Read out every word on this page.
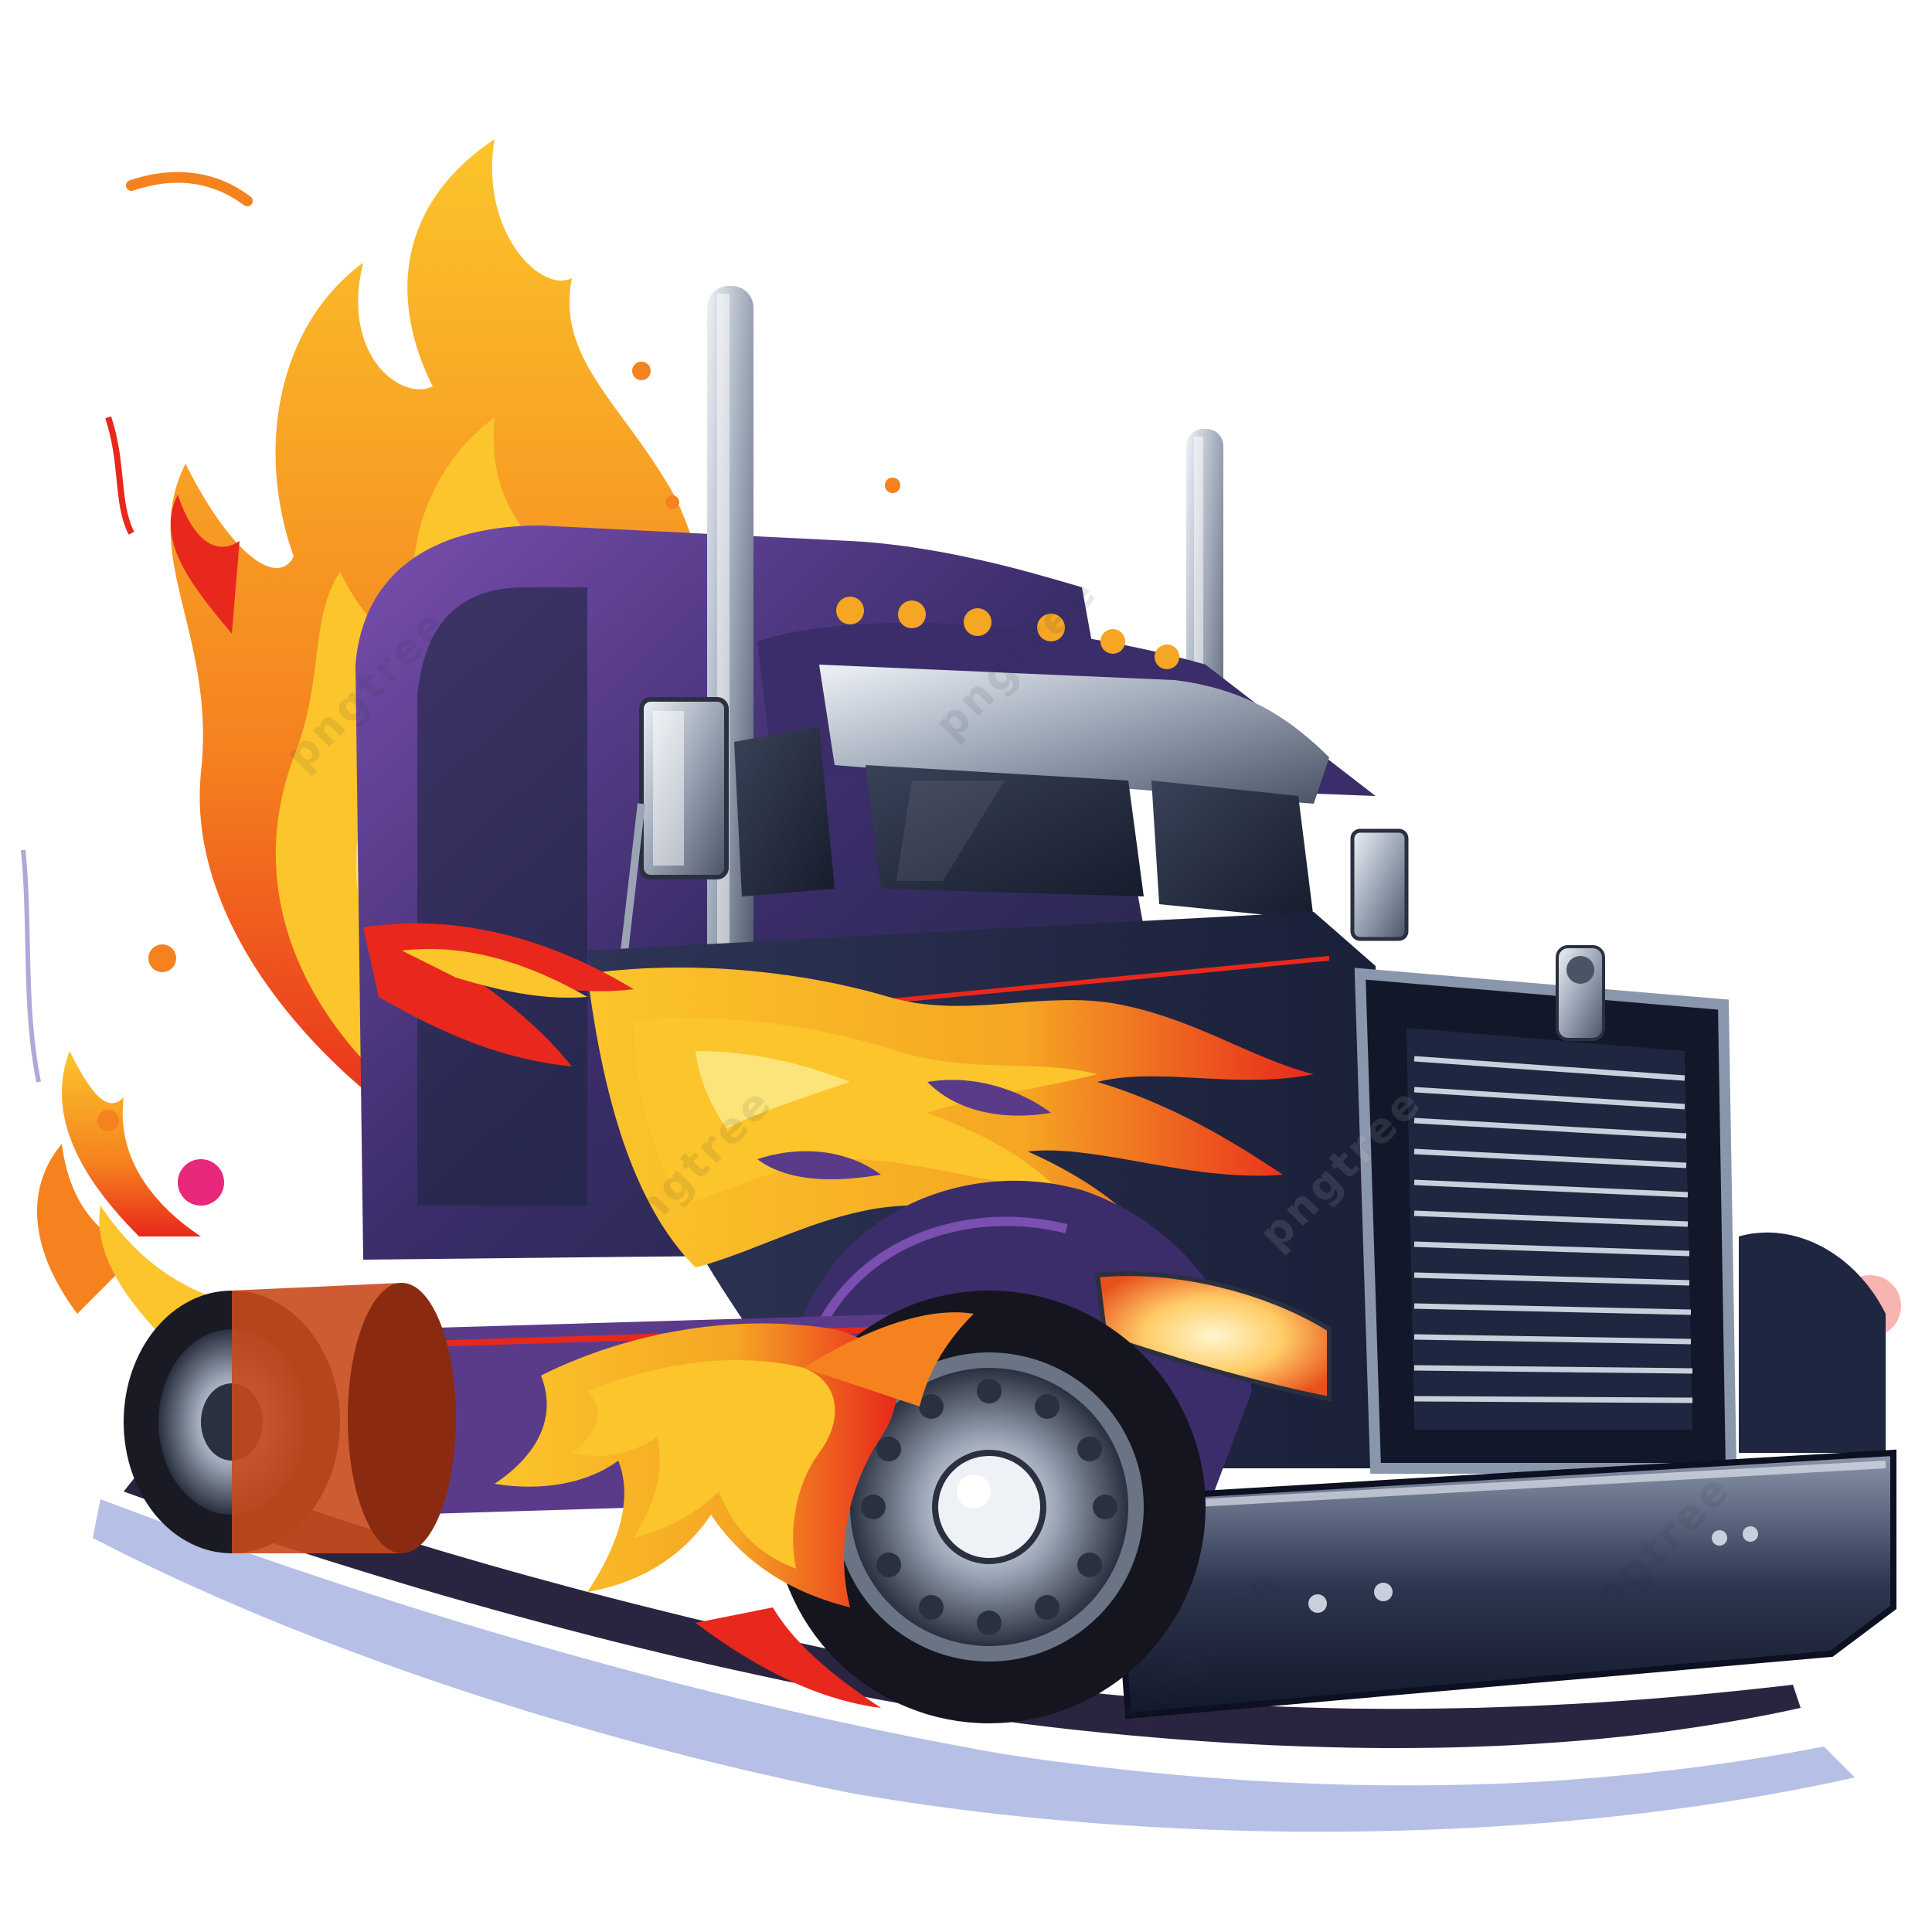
pngtree	pngtree
pngtree	pngtree
pngtree
pngtree
